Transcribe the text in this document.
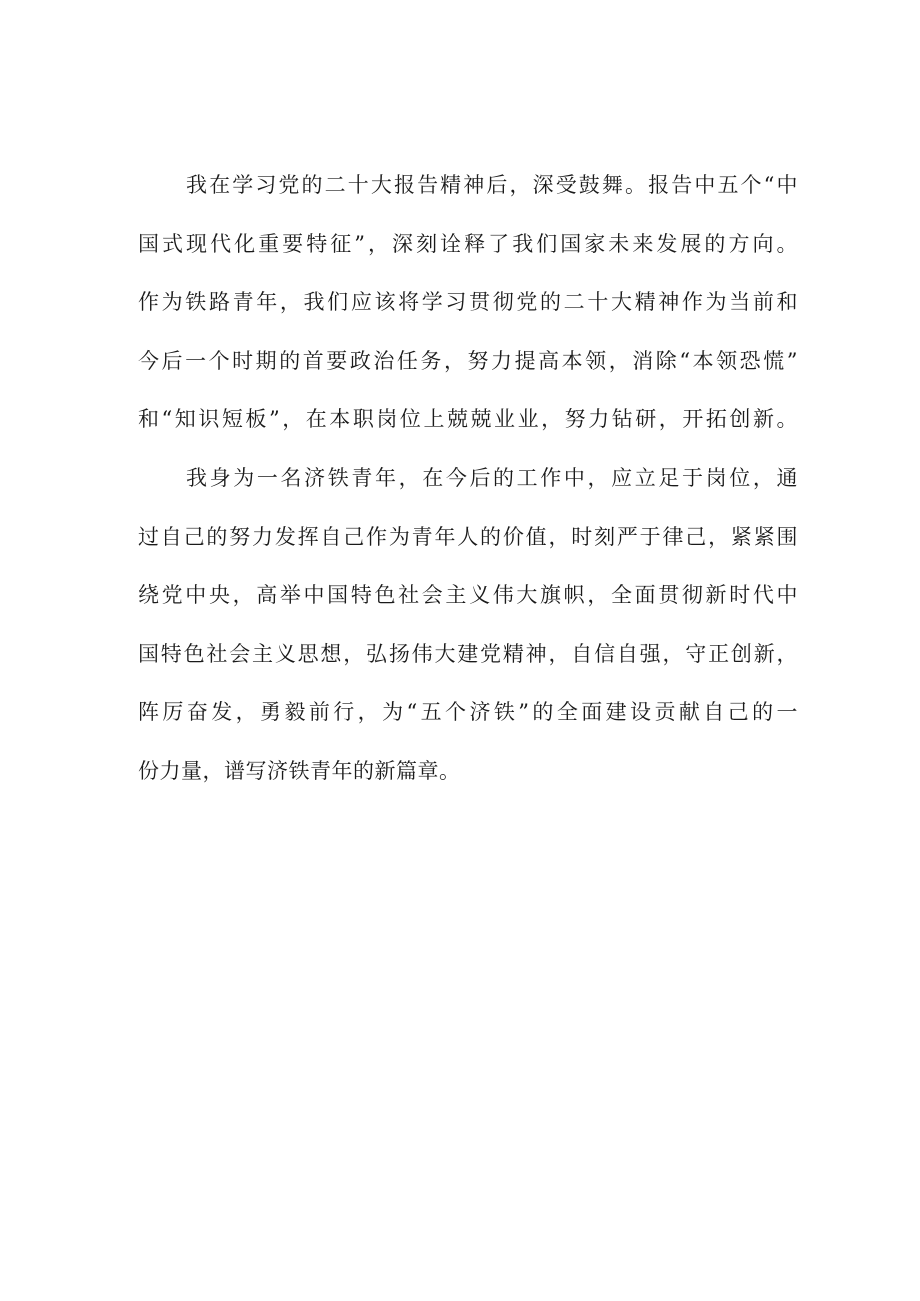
我在学习党的二十大报告精神后，深受鼓舞。报告中五个“中
国式现代化重要特征”，深刻诠释了我们国家未来发展的方向。
作为铁路青年，我们应该将学习贯彻党的二十大精神作为当前和
今后一个时期的首要政治任务，努力提高本领，消除“本领恐慌”
和“知识短板”，在本职岗位上兢兢业业，努力钻研，开拓创新。
我身为一名济铁青年，在今后的工作中，应立足于岗位，通
过自己的努力发挥自己作为青年人的价值，时刻严于律己，紧紧围
绕党中央，高举中国特色社会主义伟大旗帜，全面贯彻新时代中
国特色社会主义思想，弘扬伟大建党精神，自信自强，守正创新，
阵厉奋发，勇毅前行，为“五个济铁”的全面建设贡献自己的一
份力量，谱写济铁青年的新篇章。
